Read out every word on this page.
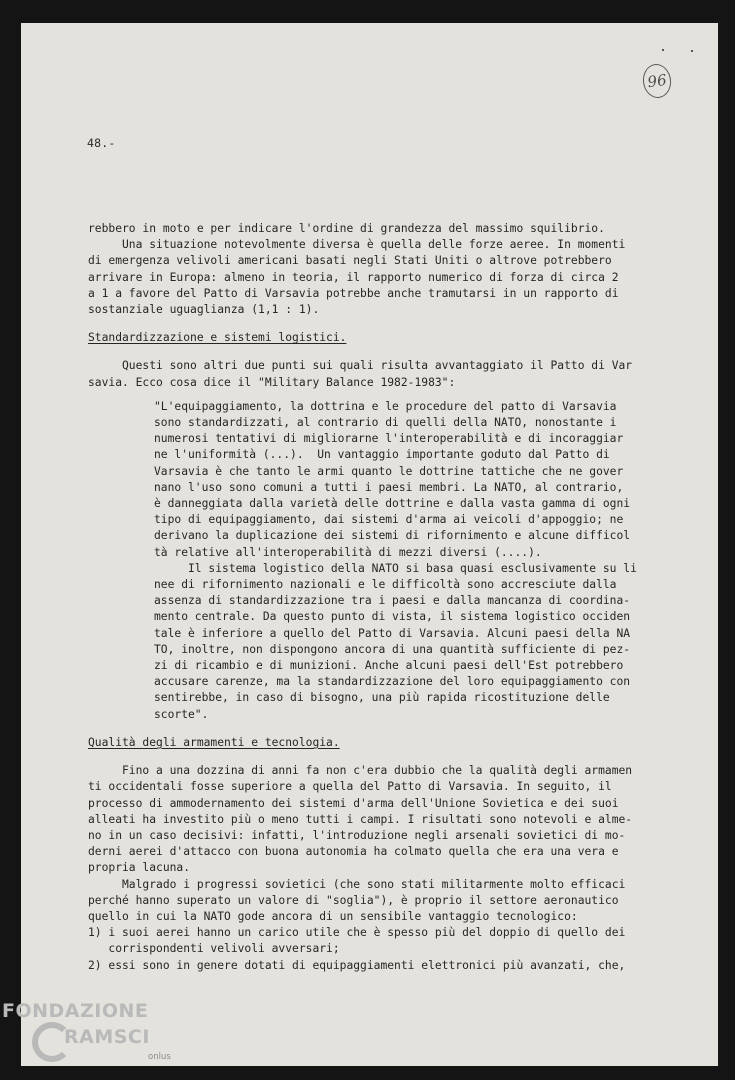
96
48.-
rebbero in moto e per indicare l'ordine di grandezza del massimo squilibrio.
Una situazione notevolmente diversa è quella delle forze aeree. In momenti
di emergenza velivoli americani basati negli Stati Uniti o altrove potrebbero
arrivare in Europa: almeno in teoria, il rapporto numerico di forza di circa 2
a 1 a favore del Patto di Varsavia potrebbe anche tramutarsi in un rapporto di
sostanziale uguaglianza (1,1 : 1).
Standardizzazione e sistemi logistici.
Questi sono altri due punti sui quali risulta avvantaggiato il Patto di Var
savia. Ecco cosa dice il "Military Balance 1982-1983":
"L'equipaggiamento, la dottrina e le procedure del patto di Varsavia
sono standardizzati, al contrario di quelli della NATO, nonostante i
numerosi tentativi di migliorarne l'interoperabilità e di incoraggiar
ne l'uniformità (...).  Un vantaggio importante goduto dal Patto di
Varsavia è che tanto le armi quanto le dottrine tattiche che ne gover
nano l'uso sono comuni a tutti i paesi membri. La NATO, al contrario,
è danneggiata dalla varietà delle dottrine e dalla vasta gamma di ogni
tipo di equipaggiamento, dai sistemi d'arma ai veicoli d'appoggio; ne
derivano la duplicazione dei sistemi di rifornimento e alcune difficol
tà relative all'interoperabilità di mezzi diversi (....).
Il sistema logistico della NATO si basa quasi esclusivamente su li
nee di rifornimento nazionali e le difficoltà sono accresciute dalla
assenza di standardizzazione tra i paesi e dalla mancanza di coordina-
mento centrale. Da questo punto di vista, il sistema logistico occiden
tale è inferiore a quello del Patto di Varsavia. Alcuni paesi della NA
TO, inoltre, non dispongono ancora di una quantità sufficiente di pez-
zi di ricambio e di munizioni. Anche alcuni paesi dell'Est potrebbero
accusare carenze, ma la standardizzazione del loro equipaggiamento con
sentirebbe, in caso di bisogno, una più rapida ricostituzione delle
scorte".
Qualità degli armamenti e tecnologia.
Fino a una dozzina di anni fa non c'era dubbio che la qualità degli armamen
ti occidentali fosse superiore a quella del Patto di Varsavia. In seguito, il
processo di ammodernamento dei sistemi d'arma dell'Unione Sovietica e dei suoi
alleati ha investito più o meno tutti i campi. I risultati sono notevoli e alme-
no in un caso decisivi: infatti, l'introduzione negli arsenali sovietici di mo-
derni aerei d'attacco con buona autonomia ha colmato quella che era una vera e
propria lacuna.
Malgrado i progressi sovietici (che sono stati militarmente molto efficaci
perché hanno superato un valore di "soglia"), è proprio il settore aeronautico
quello in cui la NATO gode ancora di un sensibile vantaggio tecnologico:
1) i suoi aerei hanno un carico utile che è spesso più del doppio di quello dei
corrispondenti velivoli avversari;
2) essi sono in genere dotati di equipaggiamenti elettronici più avanzati, che,
FONDAZIONE
RAMSCI
onlus
